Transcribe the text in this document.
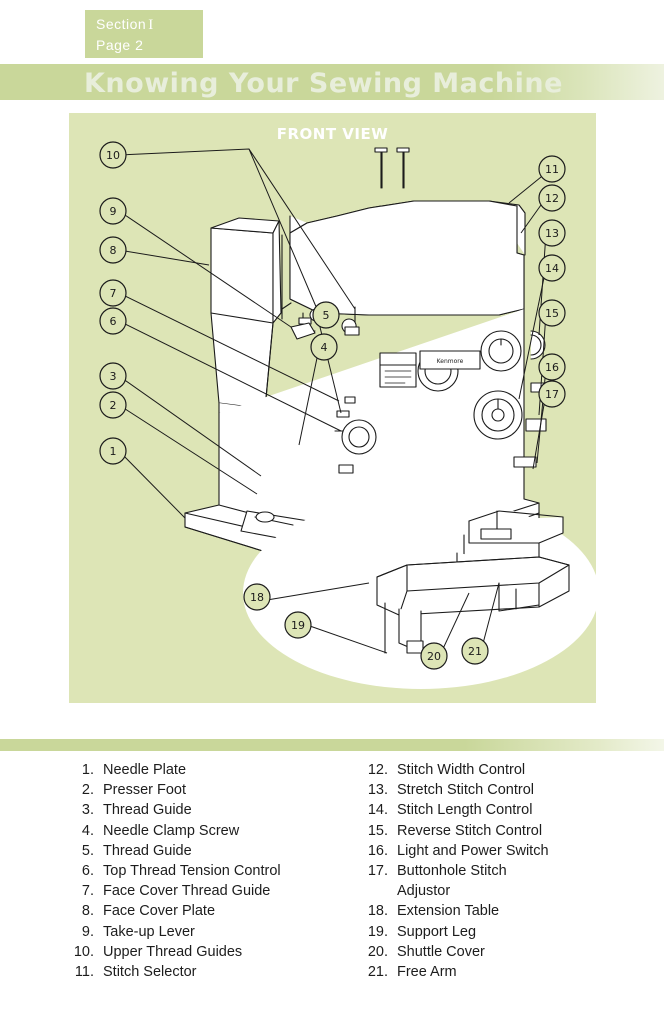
Section I
Page 2
Knowing Your Sewing Machine
FRONT VIEW
Kenmore
1
2
3
4
5
6
7
8
9
10
11
12
13
14
15
16
17
18
19
20 21
1. Needle Plate
2. Presser Foot
3. Thread Guide
4. Needle Clamp Screw
5. Thread Guide
6. Top Thread Tension Control
7. Face Cover Thread Guide
8. Face Cover Plate
9. Take-up Lever
10. Upper Thread Guides
11. Stitch Selector
12. Stitch Width Control
13. Stretch Stitch Control
14. Stitch Length Control
15. Reverse Stitch Control
16. Light and Power Switch
17. Buttonhole Stitch
Adjustor
18. Extension Table
19. Support Leg
20. Shuttle Cover
21. Free Arm
